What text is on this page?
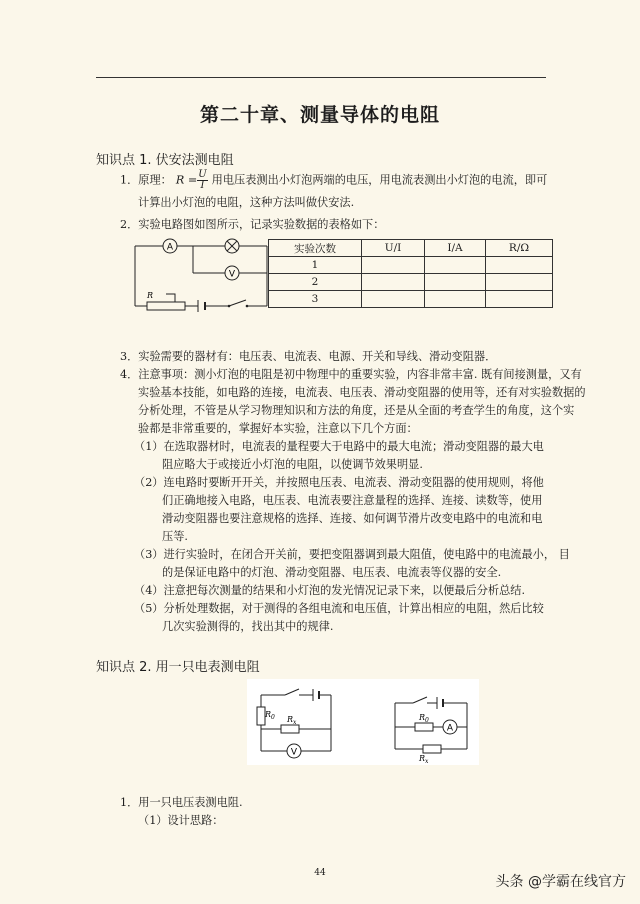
第二十章、测量导体的电阻
知识点 1. 伏安法测电阻
1．原理： $R = \frac{U}{I}$ 用电压表测出小灯泡两端的电压，用电流表测出小灯泡的电流，即可
计算出小灯泡的电阻，这种方法叫做伏安法.
2．实验电路图如图所示，记录实验数据的表格如下：
A
V
R
实验次数	U/I	I/A	R/Ω
1			
2			
3			
3．实验需要的器材有：电压表、电流表、电源、开关和导线、滑动变阻器．
4．注意事项：测小灯泡的电阻是初中物理中的重要实验，内容非常丰富. 既有间接测量，又有
实验基本技能，如电路的连接，电流表、电压表、滑动变阻器的使用等，还有对实验数据的
分析处理，不管是从学习物理知识和方法的角度，还是从全面的考查学生的角度，这个实
验都是非常重要的，掌握好本实验，注意以下几个方面：
（1）在选取器材时，电流表的量程要大于电路中的最大电流；滑动变阻器的最大电
阻应略大于或接近小灯泡的电阻，以使调节效果明显.
（2）连电路时要断开开关，并按照电压表、电流表、滑动变阻器的使用规则，将他
们正确地接入电路，电压表、电流表要注意量程的选择、连接、读数等，使用
滑动变阻器也要注意规格的选择、连接、如何调节滑片改变电路中的电流和电
压等.
（3）进行实验时，在闭合开关前，要把变阻器调到最大阻值，使电路中的电流最小， 目
的是保证电路中的灯泡、滑动变阻器、电压表、电流表等仪器的安全.
（4）注意把每次测量的结果和小灯泡的发光情况记录下来，以便最后分析总结.
（5）分析处理数据，对于测得的各组电流和电压值，计算出相应的电阻，然后比较
几次实验测得的，找出其中的规律.
知识点 2. 用一只电表测电阻
V
A
$R_0$ $R_x$
$R_0$
$R_x$
1．用一只电压表测电阻.
（1）设计思路：
44
头条 @学霸在线官方
